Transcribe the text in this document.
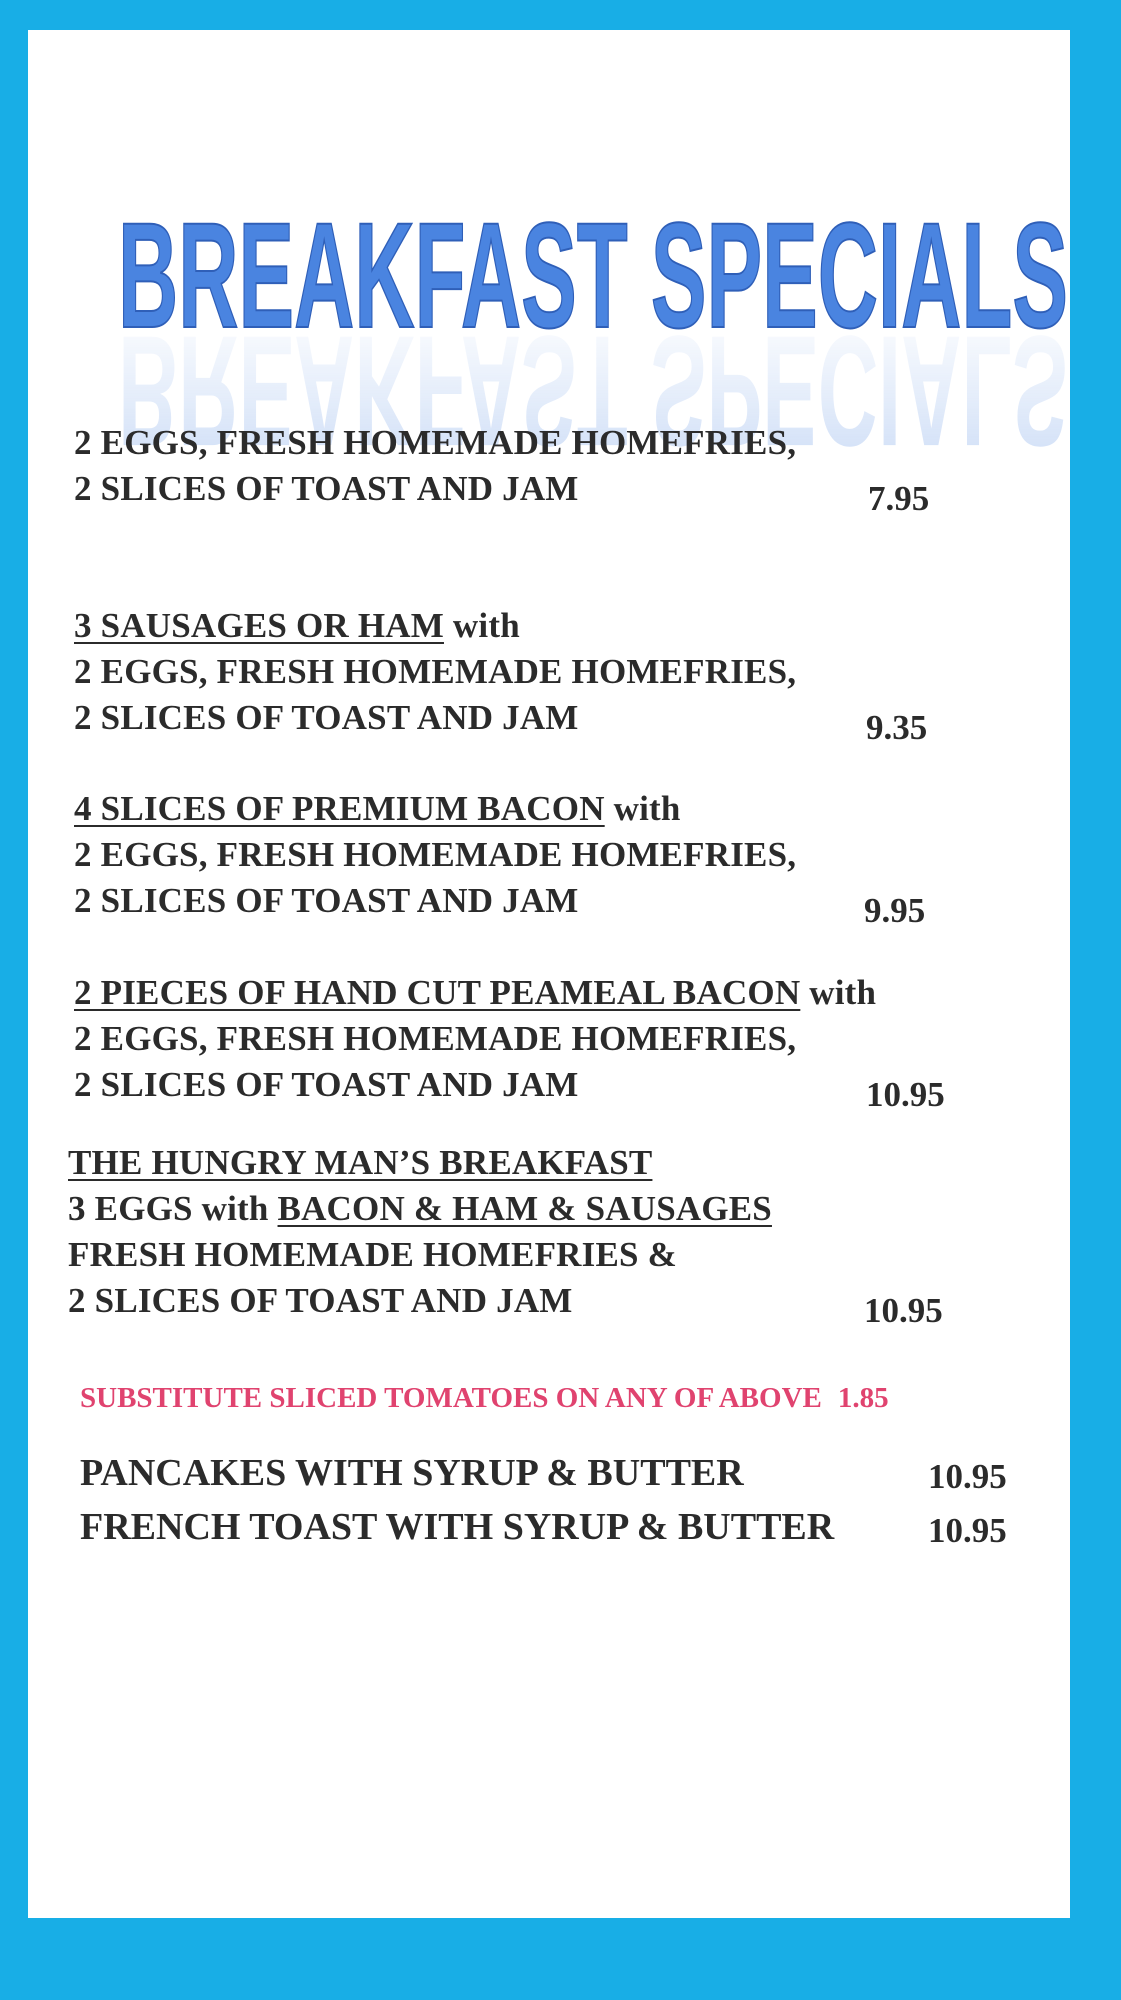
BREAKFAST SPECIALS
BREAKFAST SPECIALS
2 EGGS, FRESH HOMEMADE HOMEFRIES,
2 SLICES OF TOAST AND JAM	7.95
3 SAUSAGES OR HAM with
2 EGGS, FRESH HOMEMADE HOMEFRIES,
2 SLICES OF TOAST AND JAM	9.35
4 SLICES OF PREMIUM BACON with
2 EGGS, FRESH HOMEMADE HOMEFRIES,
2 SLICES OF TOAST AND JAM	9.95
2 PIECES OF HAND CUT PEAMEAL BACON with
2 EGGS, FRESH HOMEMADE HOMEFRIES,
2 SLICES OF TOAST AND JAM	10.95
THE HUNGRY MAN’S BREAKFAST
3 EGGS with BACON & HAM & SAUSAGES
FRESH HOMEMADE HOMEFRIES &
2 SLICES OF TOAST AND JAM	10.95
SUBSTITUTE SLICED TOMATOES ON ANY OF ABOVE 1.85
PANCAKES WITH SYRUP & BUTTER	10.95
FRENCH TOAST WITH SYRUP & BUTTER	10.95
